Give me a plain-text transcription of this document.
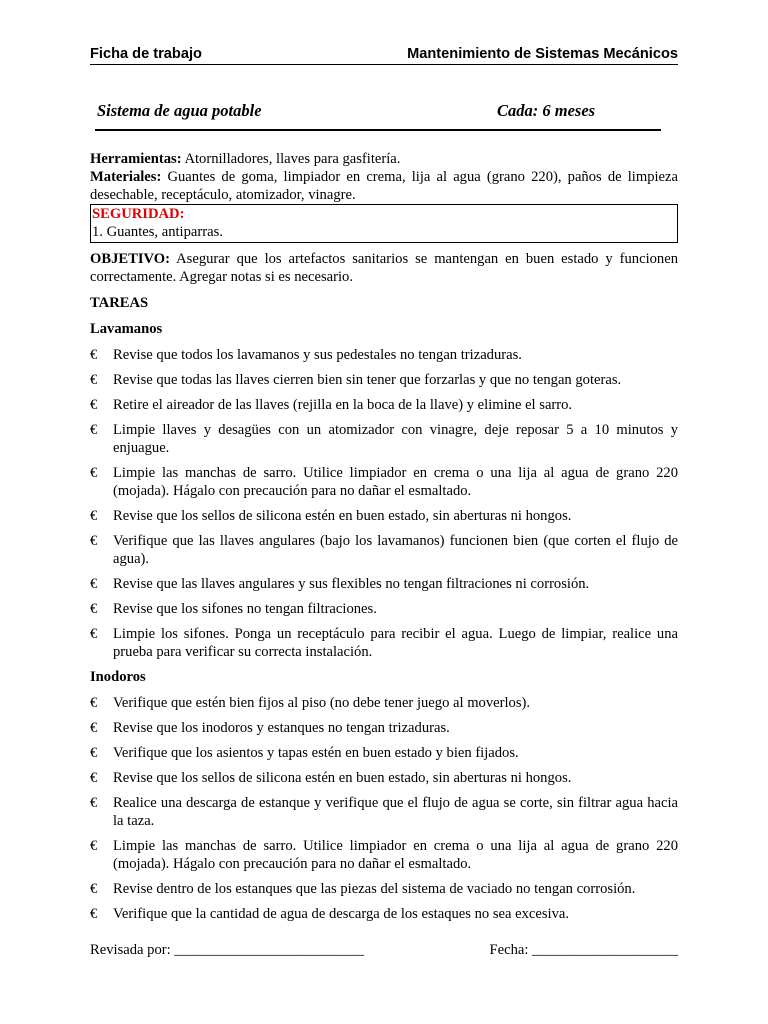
Ficha de trabajo	Mantenimiento de Sistemas Mecánicos
Sistema de agua potable	Cada: 6 meses

Herramientas: Atornilladores, llaves para gasfitería.

Materiales: Guantes de goma, limpiador en crema, lija al agua (grano 220), paños de limpieza desechable, receptáculo, atomizador, vinagre.

SEGURIDAD:
1. Guantes, antiparras.

OBJETIVO: Asegurar que los artefactos sanitarios se mantengan en buen estado y funcionen correctamente. Agregar notas si es necesario.

TAREAS
Lavamanos
€ Revise que todos los lavamanos y sus pedestales no tengan trizaduras.
€ Revise que todas las llaves cierren bien sin tener que forzarlas y que no tengan goteras.
€ Retire el aireador de las llaves (rejilla en la boca de la llave) y elimine el sarro.
€ Limpie llaves y desagües con un atomizador con vinagre, deje reposar 5 a 10 minutos y enjuague.
€ Limpie las manchas de sarro. Utilice limpiador en crema o una lija al agua de grano 220 (mojada). Hágalo con precaución para no dañar el esmaltado.
€ Revise que los sellos de silicona estén en buen estado, sin aberturas ni hongos.
€ Verifique que las llaves angulares (bajo los lavamanos) funcionen bien (que corten el flujo de agua).
€ Revise que las llaves angulares y sus flexibles no tengan filtraciones ni corrosión.
€ Revise que los sifones no tengan filtraciones.
€ Limpie los sifones. Ponga un receptáculo para recibir el agua. Luego de limpiar, realice una prueba para verificar su correcta instalación.
Inodoros
€ Verifique que estén bien fijos al piso (no debe tener juego al moverlos).
€ Revise que los inodoros y estanques no tengan trizaduras.
€ Verifique que los asientos y tapas estén en buen estado y bien fijados.
€ Revise que los sellos de silicona estén en buen estado, sin aberturas ni hongos.
€ Realice una descarga de estanque y verifique que el flujo de agua se corte, sin filtrar agua hacia la taza.
€ Limpie las manchas de sarro. Utilice limpiador en crema o una lija al agua de grano 220 (mojada). Hágalo con precaución para no dañar el esmaltado.
€ Revise dentro de los estanques que las piezas del sistema de vaciado no tengan corrosión.
€ Verifique que la cantidad de agua de descarga de los estaques no sea excesiva.
Revisada por: __________________________	Fecha: ____________________
